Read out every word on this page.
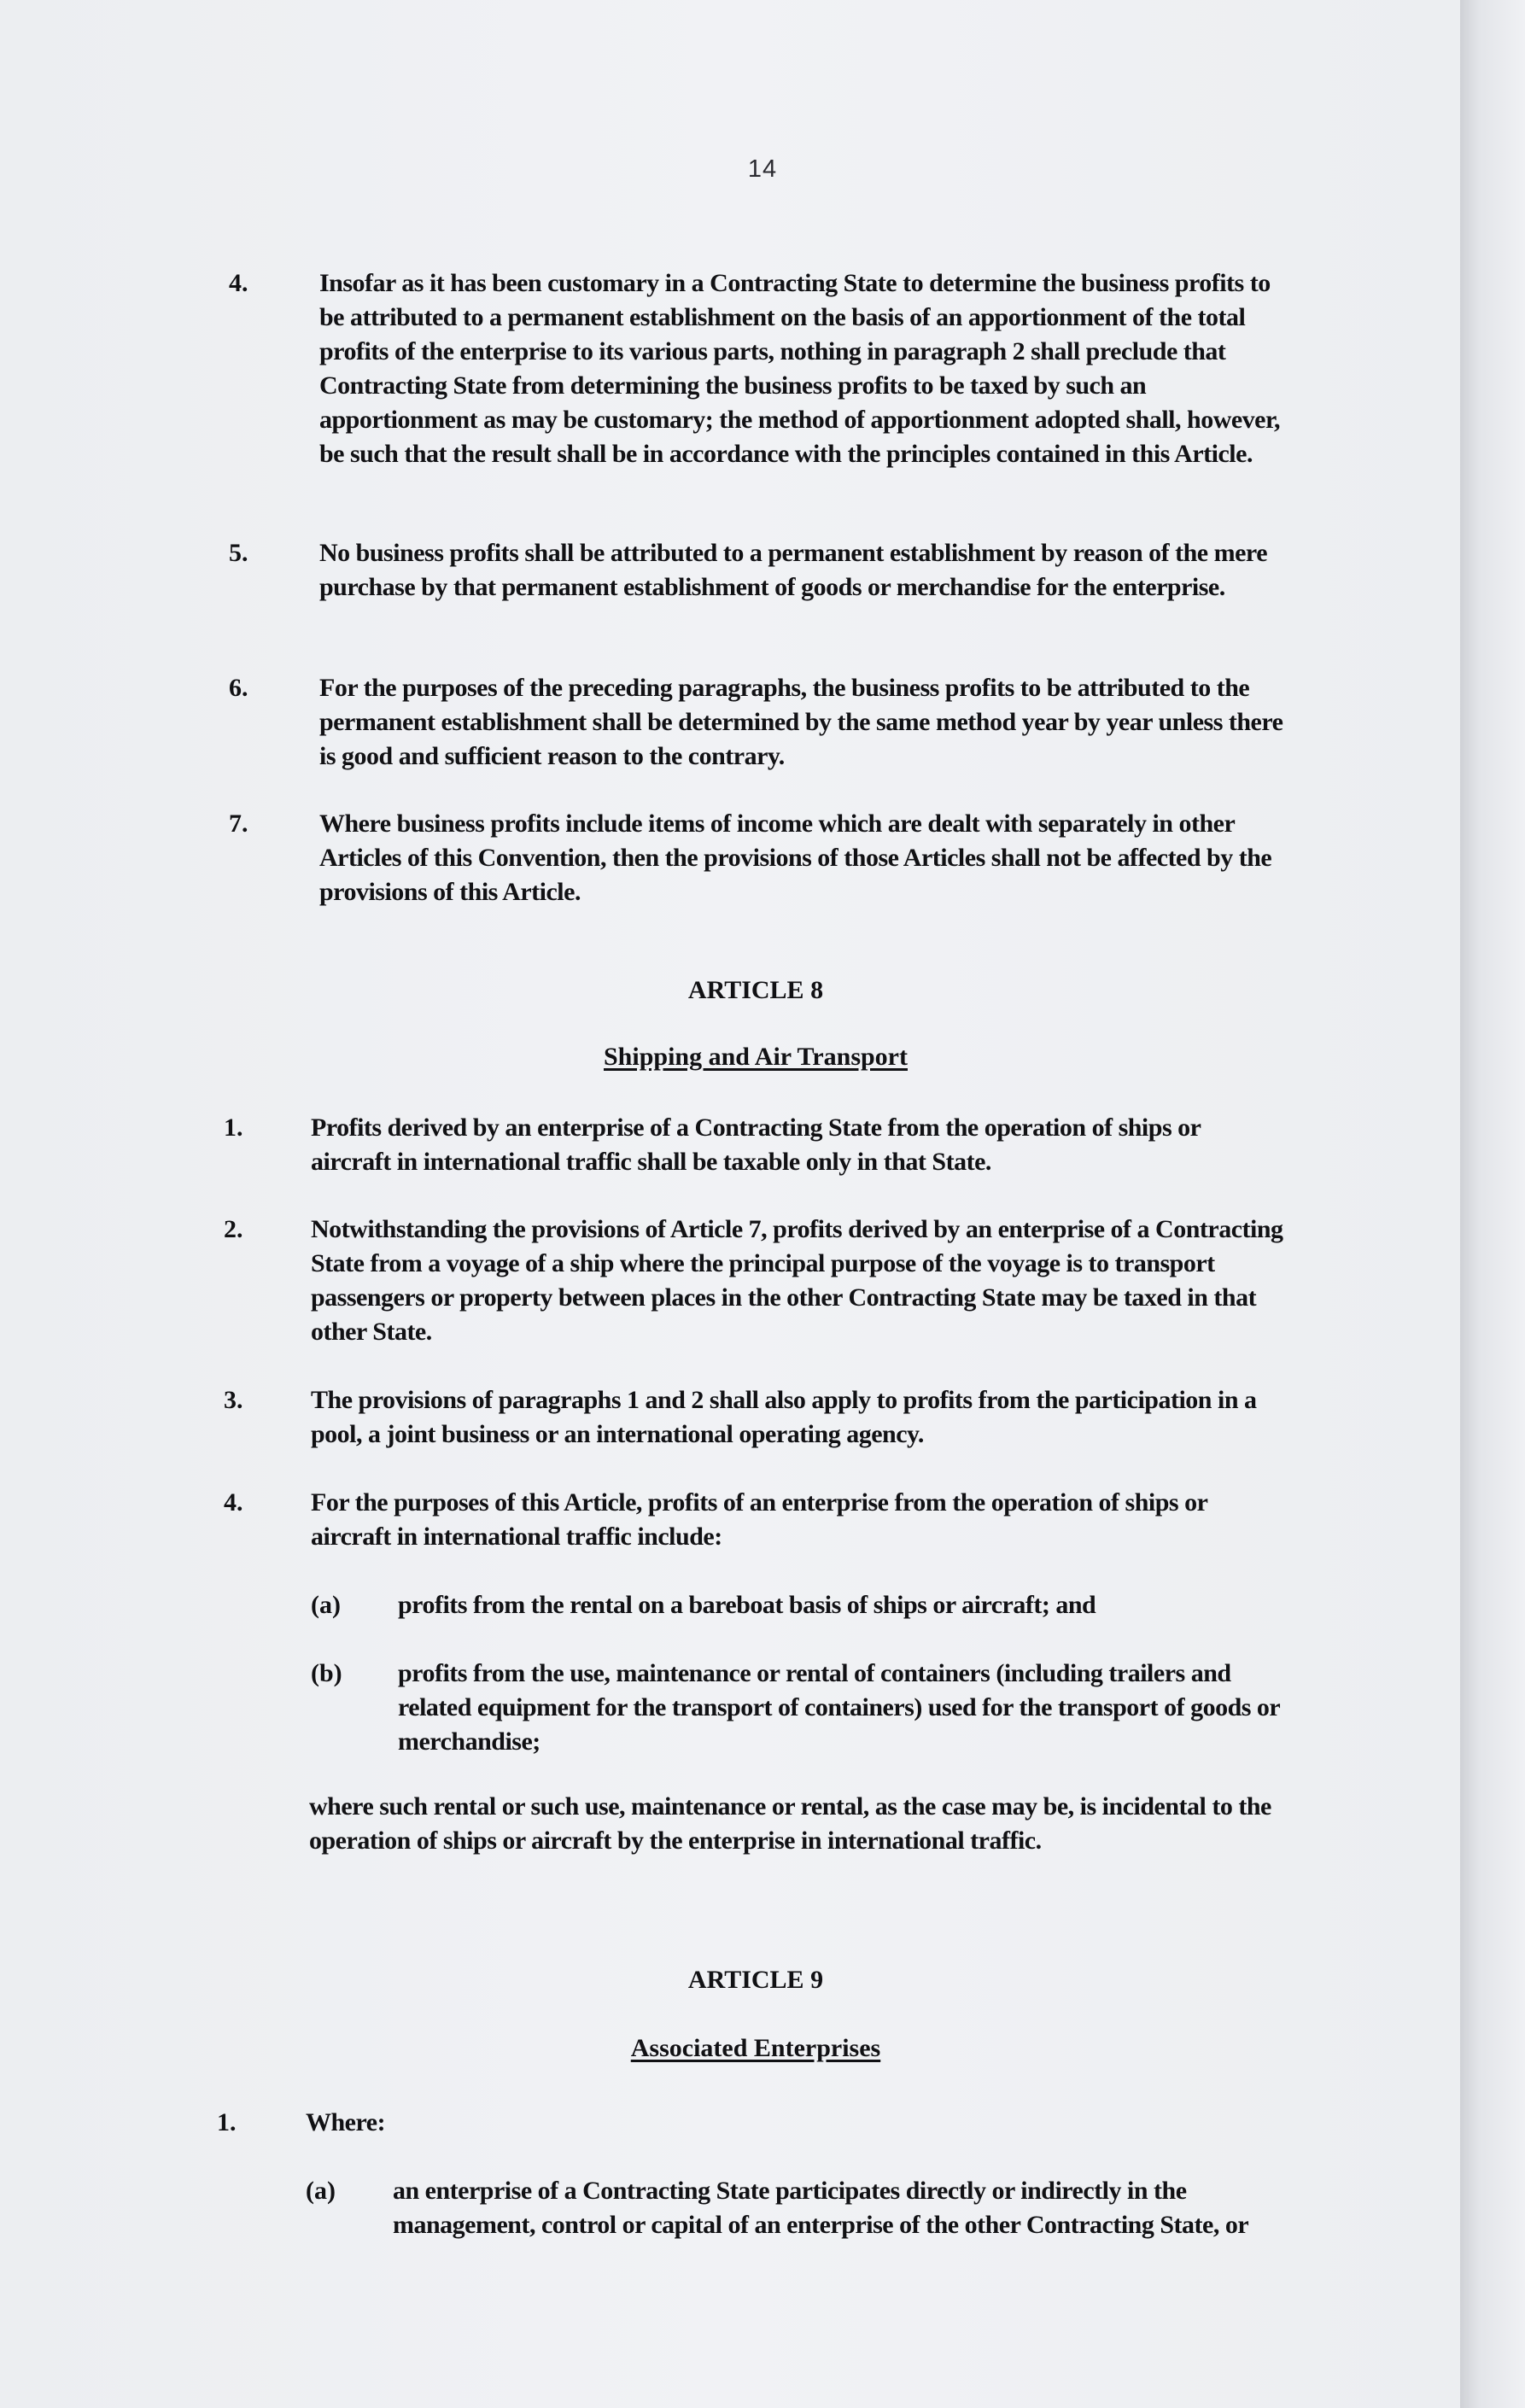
14
4.	Insofar as it has been customary in a Contracting State to determine the business profits to be attributed to a permanent establishment on the basis of an apportionment of the total profits of the enterprise to its various parts, nothing in paragraph 2 shall preclude that Contracting State from determining the business profits to be taxed by such an apportionment as may be customary; the method of apportionment adopted shall, however, be such that the result shall be in accordance with the principles contained in this Article.
5.	No business profits shall be attributed to a permanent establishment by reason of the mere purchase by that permanent establishment of goods or merchandise for the enterprise.
6.	For the purposes of the preceding paragraphs, the business profits to be attributed to the permanent establishment shall be determined by the same method year by year unless there is good and sufficient reason to the contrary.
7.	Where business profits include items of income which are dealt with separately in other Articles of this Convention, then the provisions of those Articles shall not be affected by the provisions of this Article.
ARTICLE 8
Shipping and Air Transport
1.	Profits derived by an enterprise of a Contracting State from the operation of ships or aircraft in international traffic shall be taxable only in that State.
2.	Notwithstanding the provisions of Article 7, profits derived by an enterprise of a Contracting State from a voyage of a ship where the principal purpose of the voyage is to transport passengers or property between places in the other Contracting State may be taxed in that other State.
3.	The provisions of paragraphs 1 and 2 shall also apply to profits from the participation in a pool, a joint business or an international operating agency.
4.	For the purposes of this Article, profits of an enterprise from the operation of ships or aircraft in international traffic include:
(a) profits from the rental on a bareboat basis of ships or aircraft; and
(b) profits from the use, maintenance or rental of containers (including trailers and related equipment for the transport of containers) used for the transport of goods or merchandise;
where such rental or such use, maintenance or rental, as the case may be, is incidental to the operation of ships or aircraft by the enterprise in international traffic.
ARTICLE 9
Associated Enterprises
1.	Where:
(a) an enterprise of a Contracting State participates directly or indirectly in the management, control or capital of an enterprise of the other Contracting State, or
